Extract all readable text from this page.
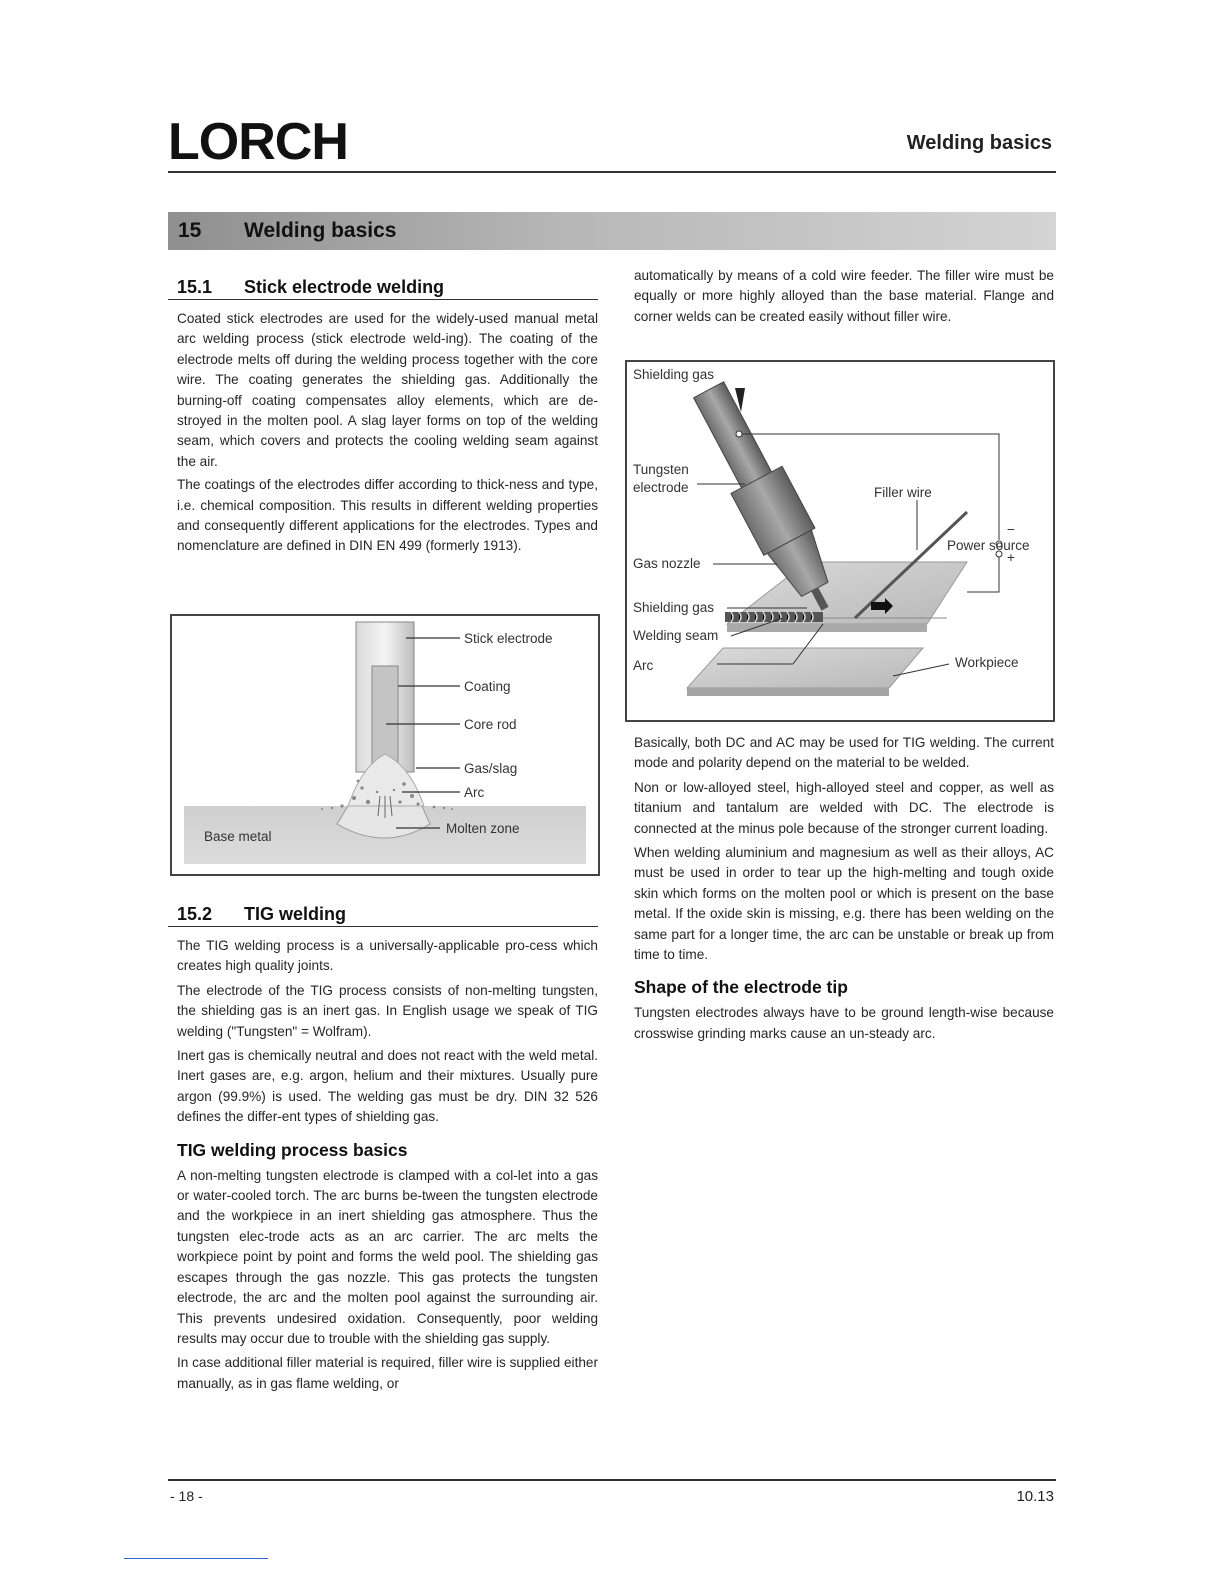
LORCH	Welding basics
15 Welding basics
15.1 Stick electrode welding

Coated stick electrodes are used for the widely-used manual metal arc welding process (stick electrode weld-ing). The coating of the electrode melts off during the welding process together with the core wire. The coating generates the shielding gas. Additionally the burning-off coating compensates alloy elements, which are de-stroyed in the molten pool. A slag layer forms on top of the welding seam, which covers and protects the cooling welding seam against the air.

The coatings of the electrodes differ according to thick-ness and type, i.e. chemical composition. This results in different welding properties and consequently different applications for the electrodes. Types and nomenclature are defined in DIN EN 499 (formerly 1913).

Stick electrode
Coating
Core rod
Gas/slag
Arc
Molten zone
Base metal
15.2 TIG welding

The TIG welding process is a universally-applicable pro-cess which creates high quality joints.

The electrode of the TIG process consists of non-melting tungsten, the shielding gas is an inert gas. In English usage we speak of TIG welding ("Tungsten" = Wolfram).

Inert gas is chemically neutral and does not react with the weld metal. Inert gases are, e.g. argon, helium and their mixtures. Usually pure argon (99.9%) is used. The welding gas must be dry. DIN 32 526 defines the differ-ent types of shielding gas.

TIG welding process basics

A non-melting tungsten electrode is clamped with a col-let into a gas or water-cooled torch. The arc burns be-tween the tungsten electrode and the workpiece in an inert shielding gas atmosphere. Thus the tungsten elec-trode acts as an arc carrier. The arc melts the workpiece point by point and forms the weld pool. The shielding gas escapes through the gas nozzle. This gas protects the tungsten electrode, the arc and the molten pool against the surrounding air. This prevents undesired oxidation. Consequently, poor welding results may occur due to trouble with the shielding gas supply.

In case additional filler material is required, filler wire is supplied either manually, as in gas flame welding, or

automatically by means of a cold wire feeder. The filler wire must be equally or more highly alloyed than the base material. Flange and corner welds can be created easily without filler wire.

Shielding gas
Tungsten
electrode	Filler wire
Power source
−
+
Gas nozzle
Shielding gas
Welding seam
Arc	Workpiece

Basically, both DC and AC may be used for TIG welding. The current mode and polarity depend on the material to be welded.

Non or low-alloyed steel, high-alloyed steel and copper, as well as titanium and tantalum are welded with DC. The electrode is connected at the minus pole because of the stronger current loading.

When welding aluminium and magnesium as well as their alloys, AC must be used in order to tear up the high-melting and tough oxide skin which forms on the molten pool or which is present on the base metal. If the oxide skin is missing, e.g. there has been welding on the same part for a longer time, the arc can be unstable or break up from time to time.

Shape of the electrode tip

Tungsten electrodes always have to be ground length-wise because crosswise grinding marks cause an un-steady arc.

- 18 -	10.13
